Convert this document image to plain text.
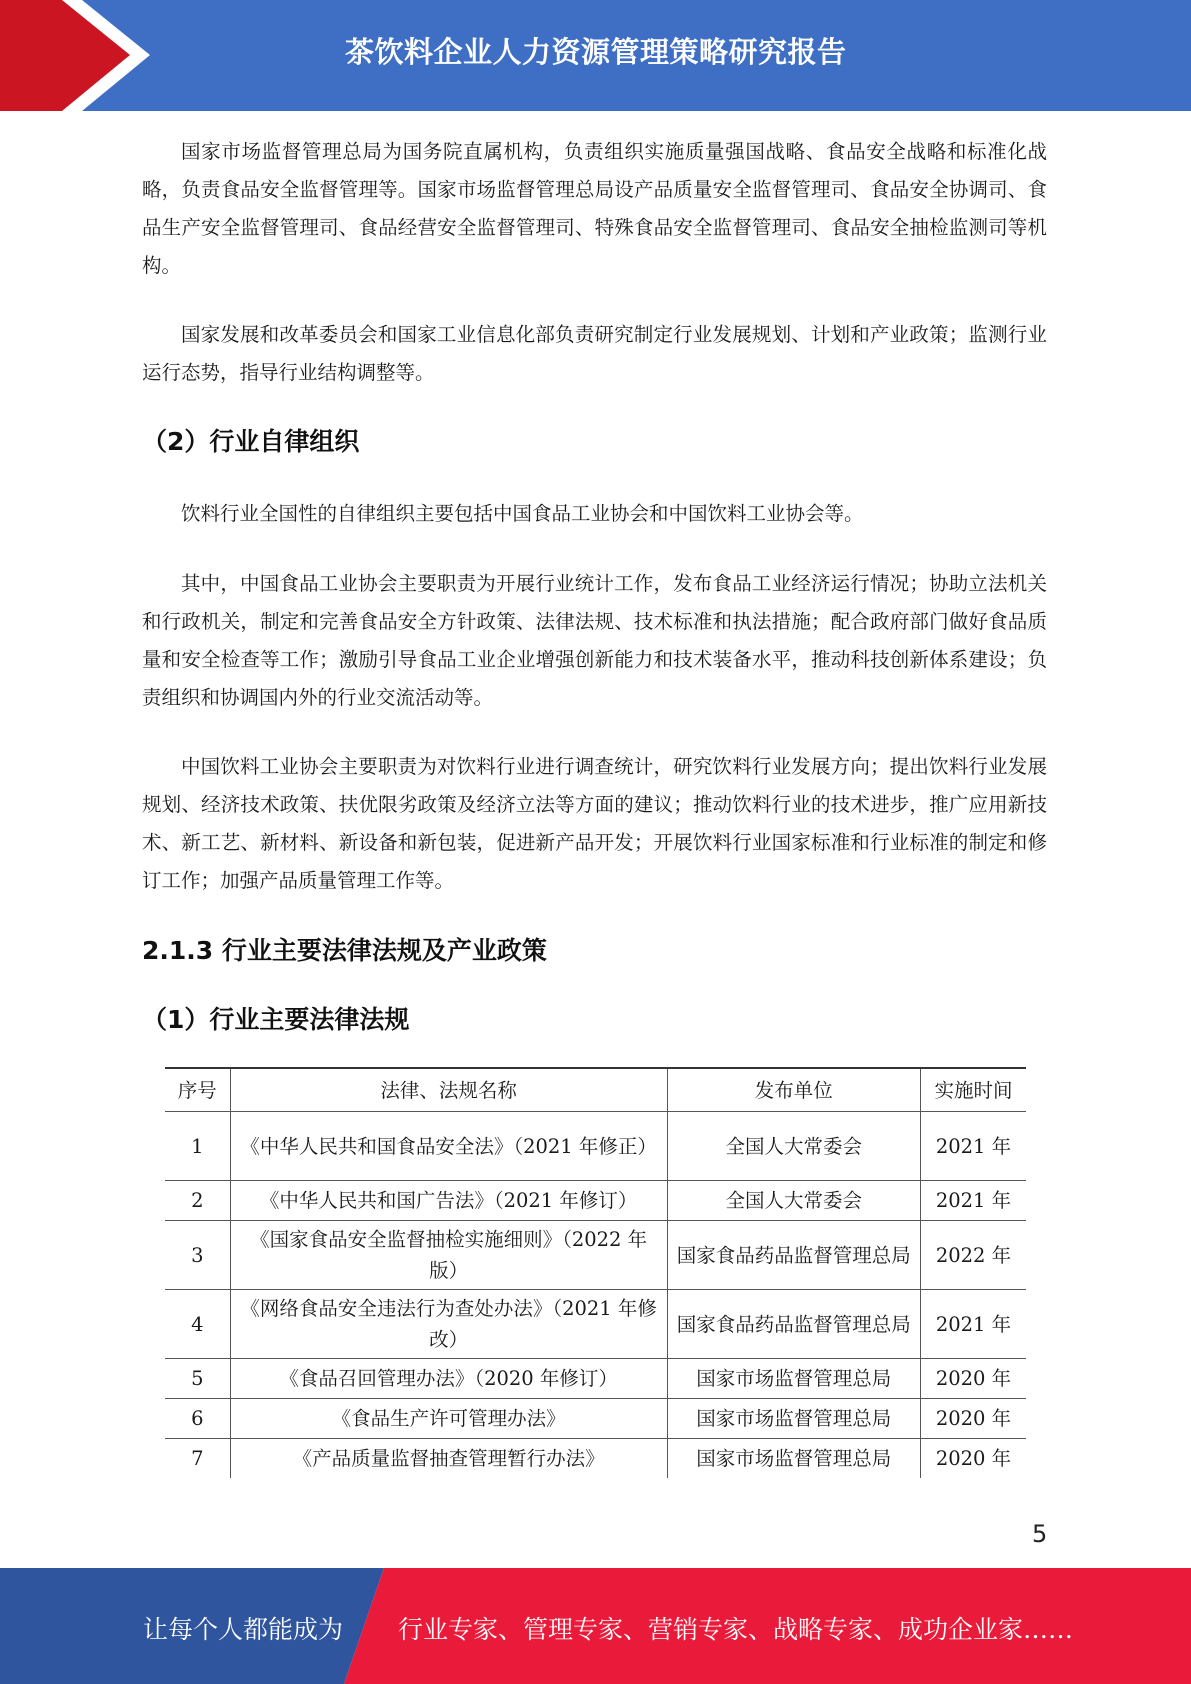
茶饮料企业人力资源管理策略研究报告

国家市场监督管理总局为国务院直属机构，负责组织实施质量强国战略、食品安全战略和标准化战略，负责食品安全监督管理等。国家市场监督管理总局设产品质量安全监督管理司、食品安全协调司、食品生产安全监督管理司、食品经营安全监督管理司、特殊食品安全监督管理司、食品安全抽检监测司等机构。

国家发展和改革委员会和国家工业信息化部负责研究制定行业发展规划、计划和产业政策；监测行业运行态势，指导行业结构调整等。

（2）行业自律组织

饮料行业全国性的自律组织主要包括中国食品工业协会和中国饮料工业协会等。

其中，中国食品工业协会主要职责为开展行业统计工作，发布食品工业经济运行情况；协助立法机关和行政机关，制定和完善食品安全方针政策、法律法规、技术标准和执法措施；配合政府部门做好食品质量和安全检查等工作；激励引导食品工业企业增强创新能力和技术装备水平，推动科技创新体系建设；负责组织和协调国内外的行业交流活动等。

中国饮料工业协会主要职责为对饮料行业进行调查统计，研究饮料行业发展方向；提出饮料行业发展规划、经济技术政策、扶优限劣政策及经济立法等方面的建议；推动饮料行业的技术进步，推广应用新技术、新工艺、新材料、新设备和新包装，促进新产品开发；开展饮料行业国家标准和行业标准的制定和修订工作；加强产品质量管理工作等。

2.1.3 行业主要法律法规及产业政策
（1）行业主要法律法规
序号	法律、法规名称	发布单位	实施时间
1	《中华人民共和国食品安全法》（2021 年修正）	全国人大常委会	2021 年
2	《中华人民共和国广告法》（2021 年修订）	全国人大常委会	2021 年
3	《国家食品安全监督抽检实施细则》（2022 年版）	国家食品药品监督管理总局	2022 年
4	《网络食品安全违法行为查处办法》（2021 年修改）	国家食品药品监督管理总局	2021 年
5	《食品召回管理办法》（2020 年修订）	国家市场监督管理总局	2020 年
6	《食品生产许可管理办法》	国家市场监督管理总局	2020 年
7	《产品质量监督抽查管理暂行办法》	国家市场监督管理总局	2020 年
5
让每个人都能成为 行业专家、管理专家、营销专家、战略专家、成功企业家……
